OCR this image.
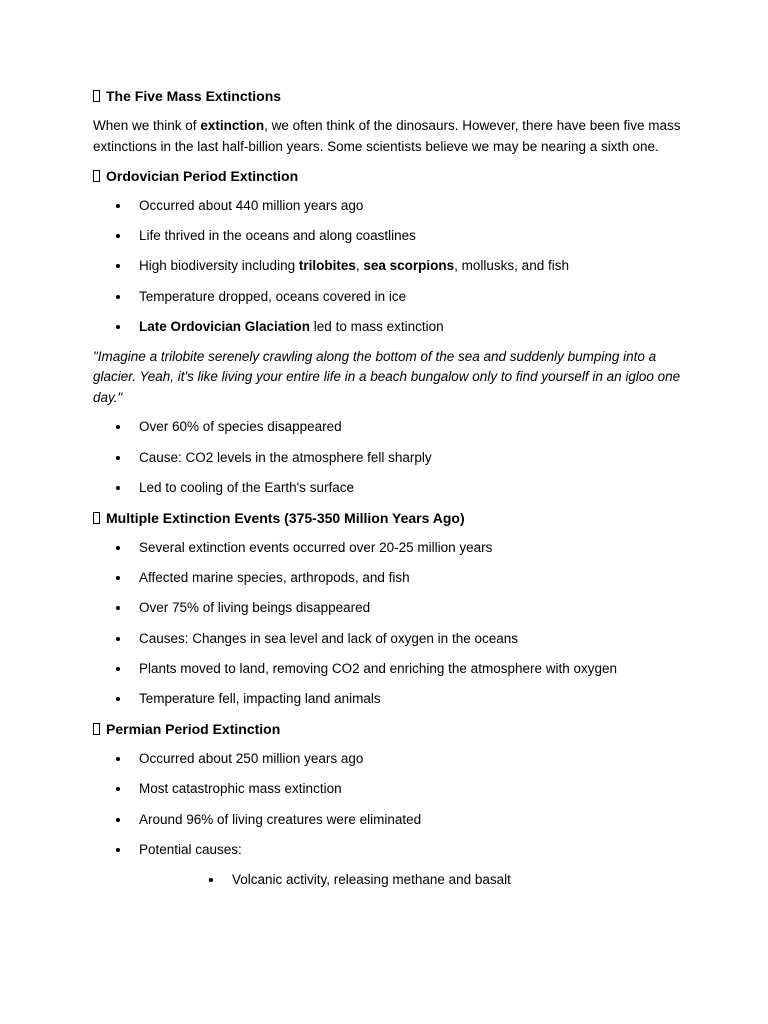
The Five Mass Extinctions

When we think of extinction, we often think of the dinosaurs. However, there have been five mass extinctions in the last half-billion years. Some scientists believe we may be nearing a sixth one.

Ordovician Period Extinction
Occurred about 440 million years ago
Life thrived in the oceans and along coastlines
High biodiversity including trilobites, sea scorpions, mollusks, and fish
Temperature dropped, oceans covered in ice
Late Ordovician Glaciation led to mass extinction

"Imagine a trilobite serenely crawling along the bottom of the sea and suddenly bumping into a glacier. Yeah, it's like living your entire life in a beach bungalow only to find yourself in an igloo one day."

Over 60% of species disappeared
Cause: CO2 levels in the atmosphere fell sharply
Led to cooling of the Earth's surface
Multiple Extinction Events (375-350 Million Years Ago)
Several extinction events occurred over 20-25 million years
Affected marine species, arthropods, and fish
Over 75% of living beings disappeared
Causes: Changes in sea level and lack of oxygen in the oceans
Plants moved to land, removing CO2 and enriching the atmosphere with oxygen
Temperature fell, impacting land animals
Permian Period Extinction
Occurred about 250 million years ago
Most catastrophic mass extinction
Around 96% of living creatures were eliminated
Potential causes:
Volcanic activity, releasing methane and basalt
